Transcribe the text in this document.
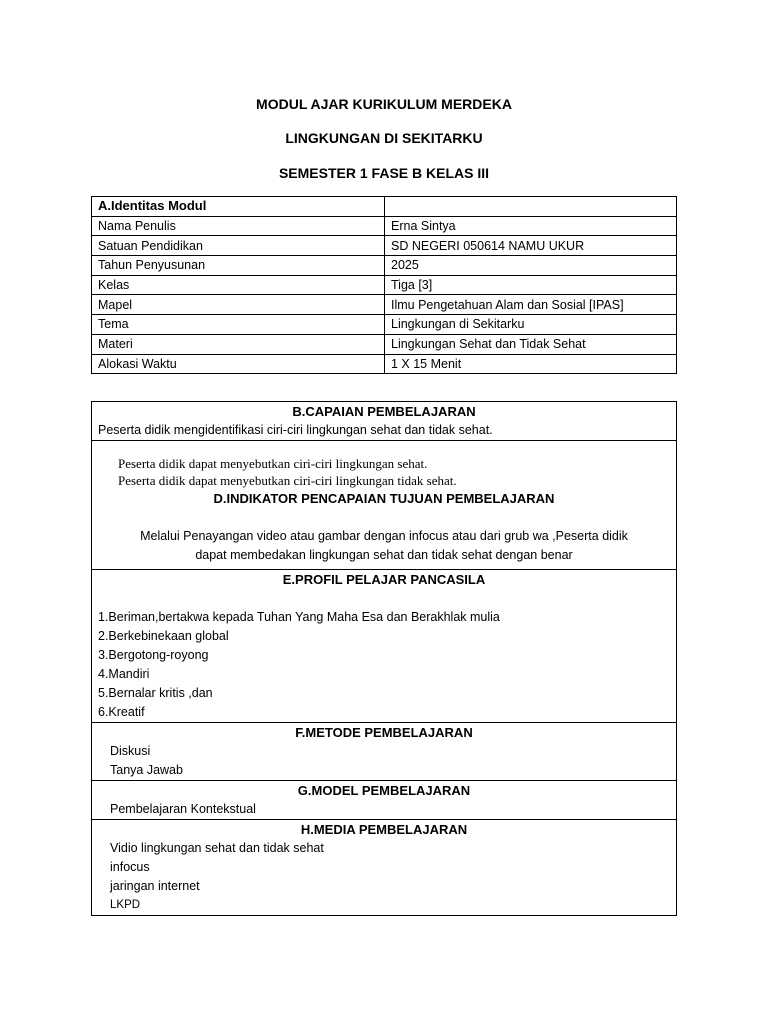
MODUL AJAR KURIKULUM MERDEKA
LINGKUNGAN DI SEKITARKU
SEMESTER 1 FASE B KELAS III
A.Identitas Modul	
Nama Penulis	Erna Sintya
Satuan Pendidikan	SD NEGERI 050614 NAMU UKUR
Tahun Penyusunan	2025
Kelas	Tiga [3]
Mapel	Ilmu Pengetahuan Alam dan Sosial [IPAS]
Tema	Lingkungan di Sekitarku
Materi	Lingkungan Sehat dan Tidak Sehat
Alokasi Waktu	1 X 15 Menit
B.CAPAIAN PEMBELAJARAN
Peserta didik mengidentifikasi ciri-ciri lingkungan sehat dan tidak sehat.

Peserta didik dapat menyebutkan ciri-ciri lingkungan sehat.
Peserta didik dapat menyebutkan ciri-ciri lingkungan tidak sehat.
D.INDIKATOR PENCAPAIAN TUJUAN PEMBELAJARAN
Melalui Penayangan video atau gambar dengan infocus atau dari grub wa ,Peserta didik
dapat membedakan lingkungan sehat dan tidak sehat dengan benar

E.PROFIL PELAJAR PANCASILA
1.Beriman,bertakwa kepada Tuhan Yang Maha Esa dan Berakhlak mulia
2.Berkebinekaan global
3.Bergotong-royong
4.Mandiri
5.Bernalar kritis ,dan
6.Kreatif

F.METODE PEMBELAJARAN
Diskusi
Tanya Jawab

G.MODEL PEMBELAJARAN
Pembelajaran Kontekstual

H.MEDIA PEMBELAJARAN
Vidio lingkungan sehat dan tidak sehat
infocus
jaringan internet
LKPD
